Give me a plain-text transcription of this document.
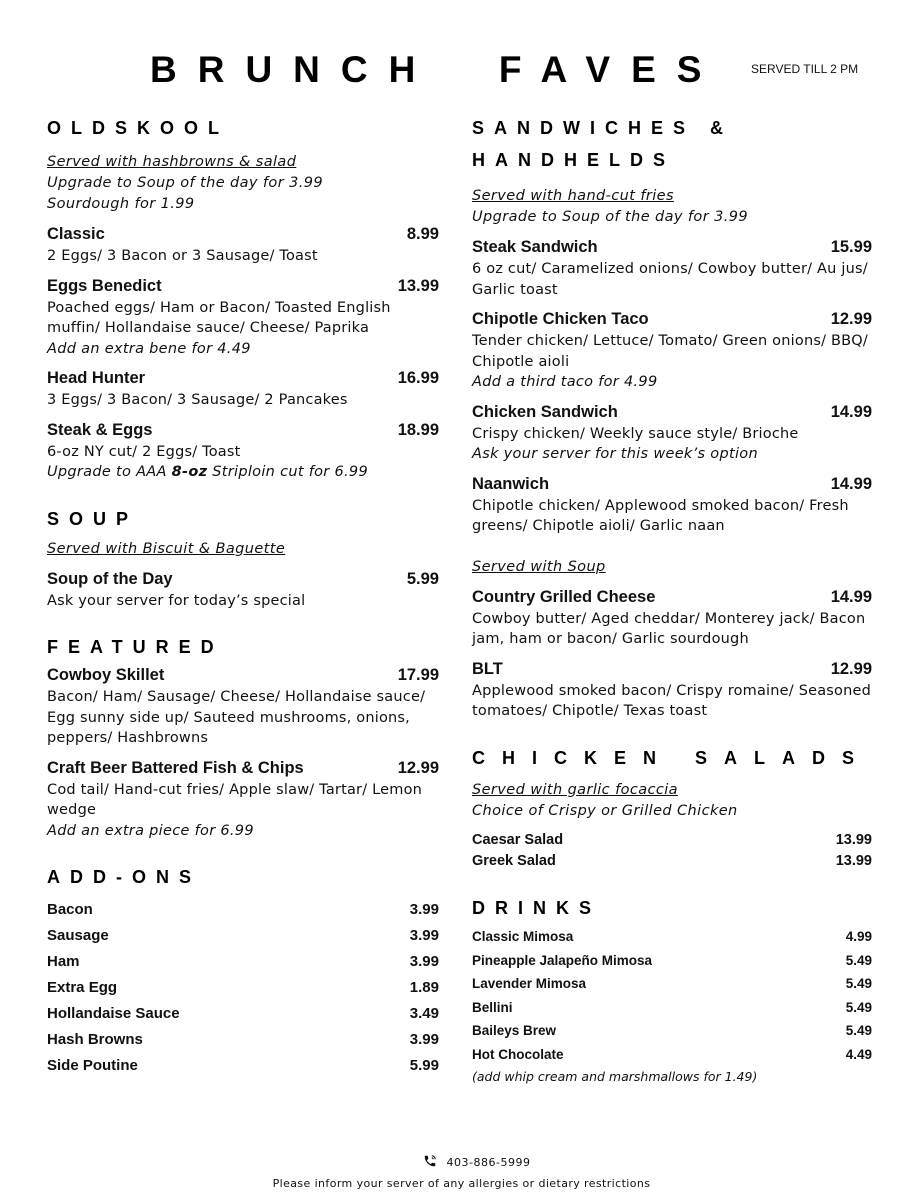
BRUNCH  FAVES SERVED TILL 2 PM
OLDSKOOL
Served with hashbrowns & salad
Upgrade to Soup of the day for 3.99
Sourdough for 1.99
Classic	8.99
2 Eggs/ 3 Bacon or 3 Sausage/ Toast
Eggs Benedict	13.99
Poached eggs/ Ham or Bacon/ Toasted English muffin/ Hollandaise sauce/ Cheese/ Paprika
Add an extra bene for 4.49
Head Hunter	16.99
3 Eggs/ 3 Bacon/ 3 Sausage/ 2 Pancakes
Steak & Eggs	18.99
6-oz NY cut/ 2 Eggs/ Toast
Upgrade to AAA 8-oz Striploin cut for 6.99
SOUP
Served with Biscuit & Baguette
Soup of the Day	5.99
Ask your server for today’s special
FEATURED
Cowboy Skillet	17.99
Bacon/ Ham/ Sausage/ Cheese/ Hollandaise sauce/ Egg sunny side up/ Sauteed mushrooms, onions, peppers/ Hashbrowns
Craft Beer Battered Fish & Chips	12.99
Cod tail/ Hand-cut fries/ Apple slaw/ Tartar/ Lemon wedge
Add an extra piece for 6.99
ADD-ONS
Bacon	3.99
Sausage	3.99
Ham	3.99
Extra Egg	1.89
Hollandaise Sauce	3.49
Hash Browns	3.99
Side Poutine	5.99
SANDWICHES &
HANDHELDS
Served with hand-cut fries
Upgrade to Soup of the day for 3.99
Steak Sandwich	15.99
6 oz cut/ Caramelized onions/ Cowboy butter/ Au jus/ Garlic toast
Chipotle Chicken Taco	12.99
Tender chicken/ Lettuce/ Tomato/ Green onions/ BBQ/ Chipotle aioli
Add a third taco for 4.99
Chicken Sandwich	14.99
Crispy chicken/ Weekly sauce style/ Brioche
Ask your server for this week’s option
Naanwich	14.99
Chipotle chicken/ Applewood smoked bacon/ Fresh greens/ Chipotle aioli/ Garlic naan
Served with Soup
Country Grilled Cheese	14.99
Cowboy butter/ Aged cheddar/ Monterey jack/ Bacon jam, ham or bacon/ Garlic sourdough
BLT	12.99
Applewood smoked bacon/ Crispy romaine/ Seasoned tomatoes/ Chipotle/ Texas toast
CHICKEN SALADS
Served with garlic focaccia
Choice of Crispy or Grilled Chicken
Caesar Salad	13.99
Greek Salad	13.99
DRINKS
Classic Mimosa	4.99
Pineapple Jalapeño Mimosa	5.49
Lavender Mimosa	5.49
Bellini	5.49
Baileys Brew	5.49
Hot Chocolate	4.49
(add whip cream and marshmallows for 1.49)
403-886-5999
Please inform your server of any allergies or dietary restrictions
